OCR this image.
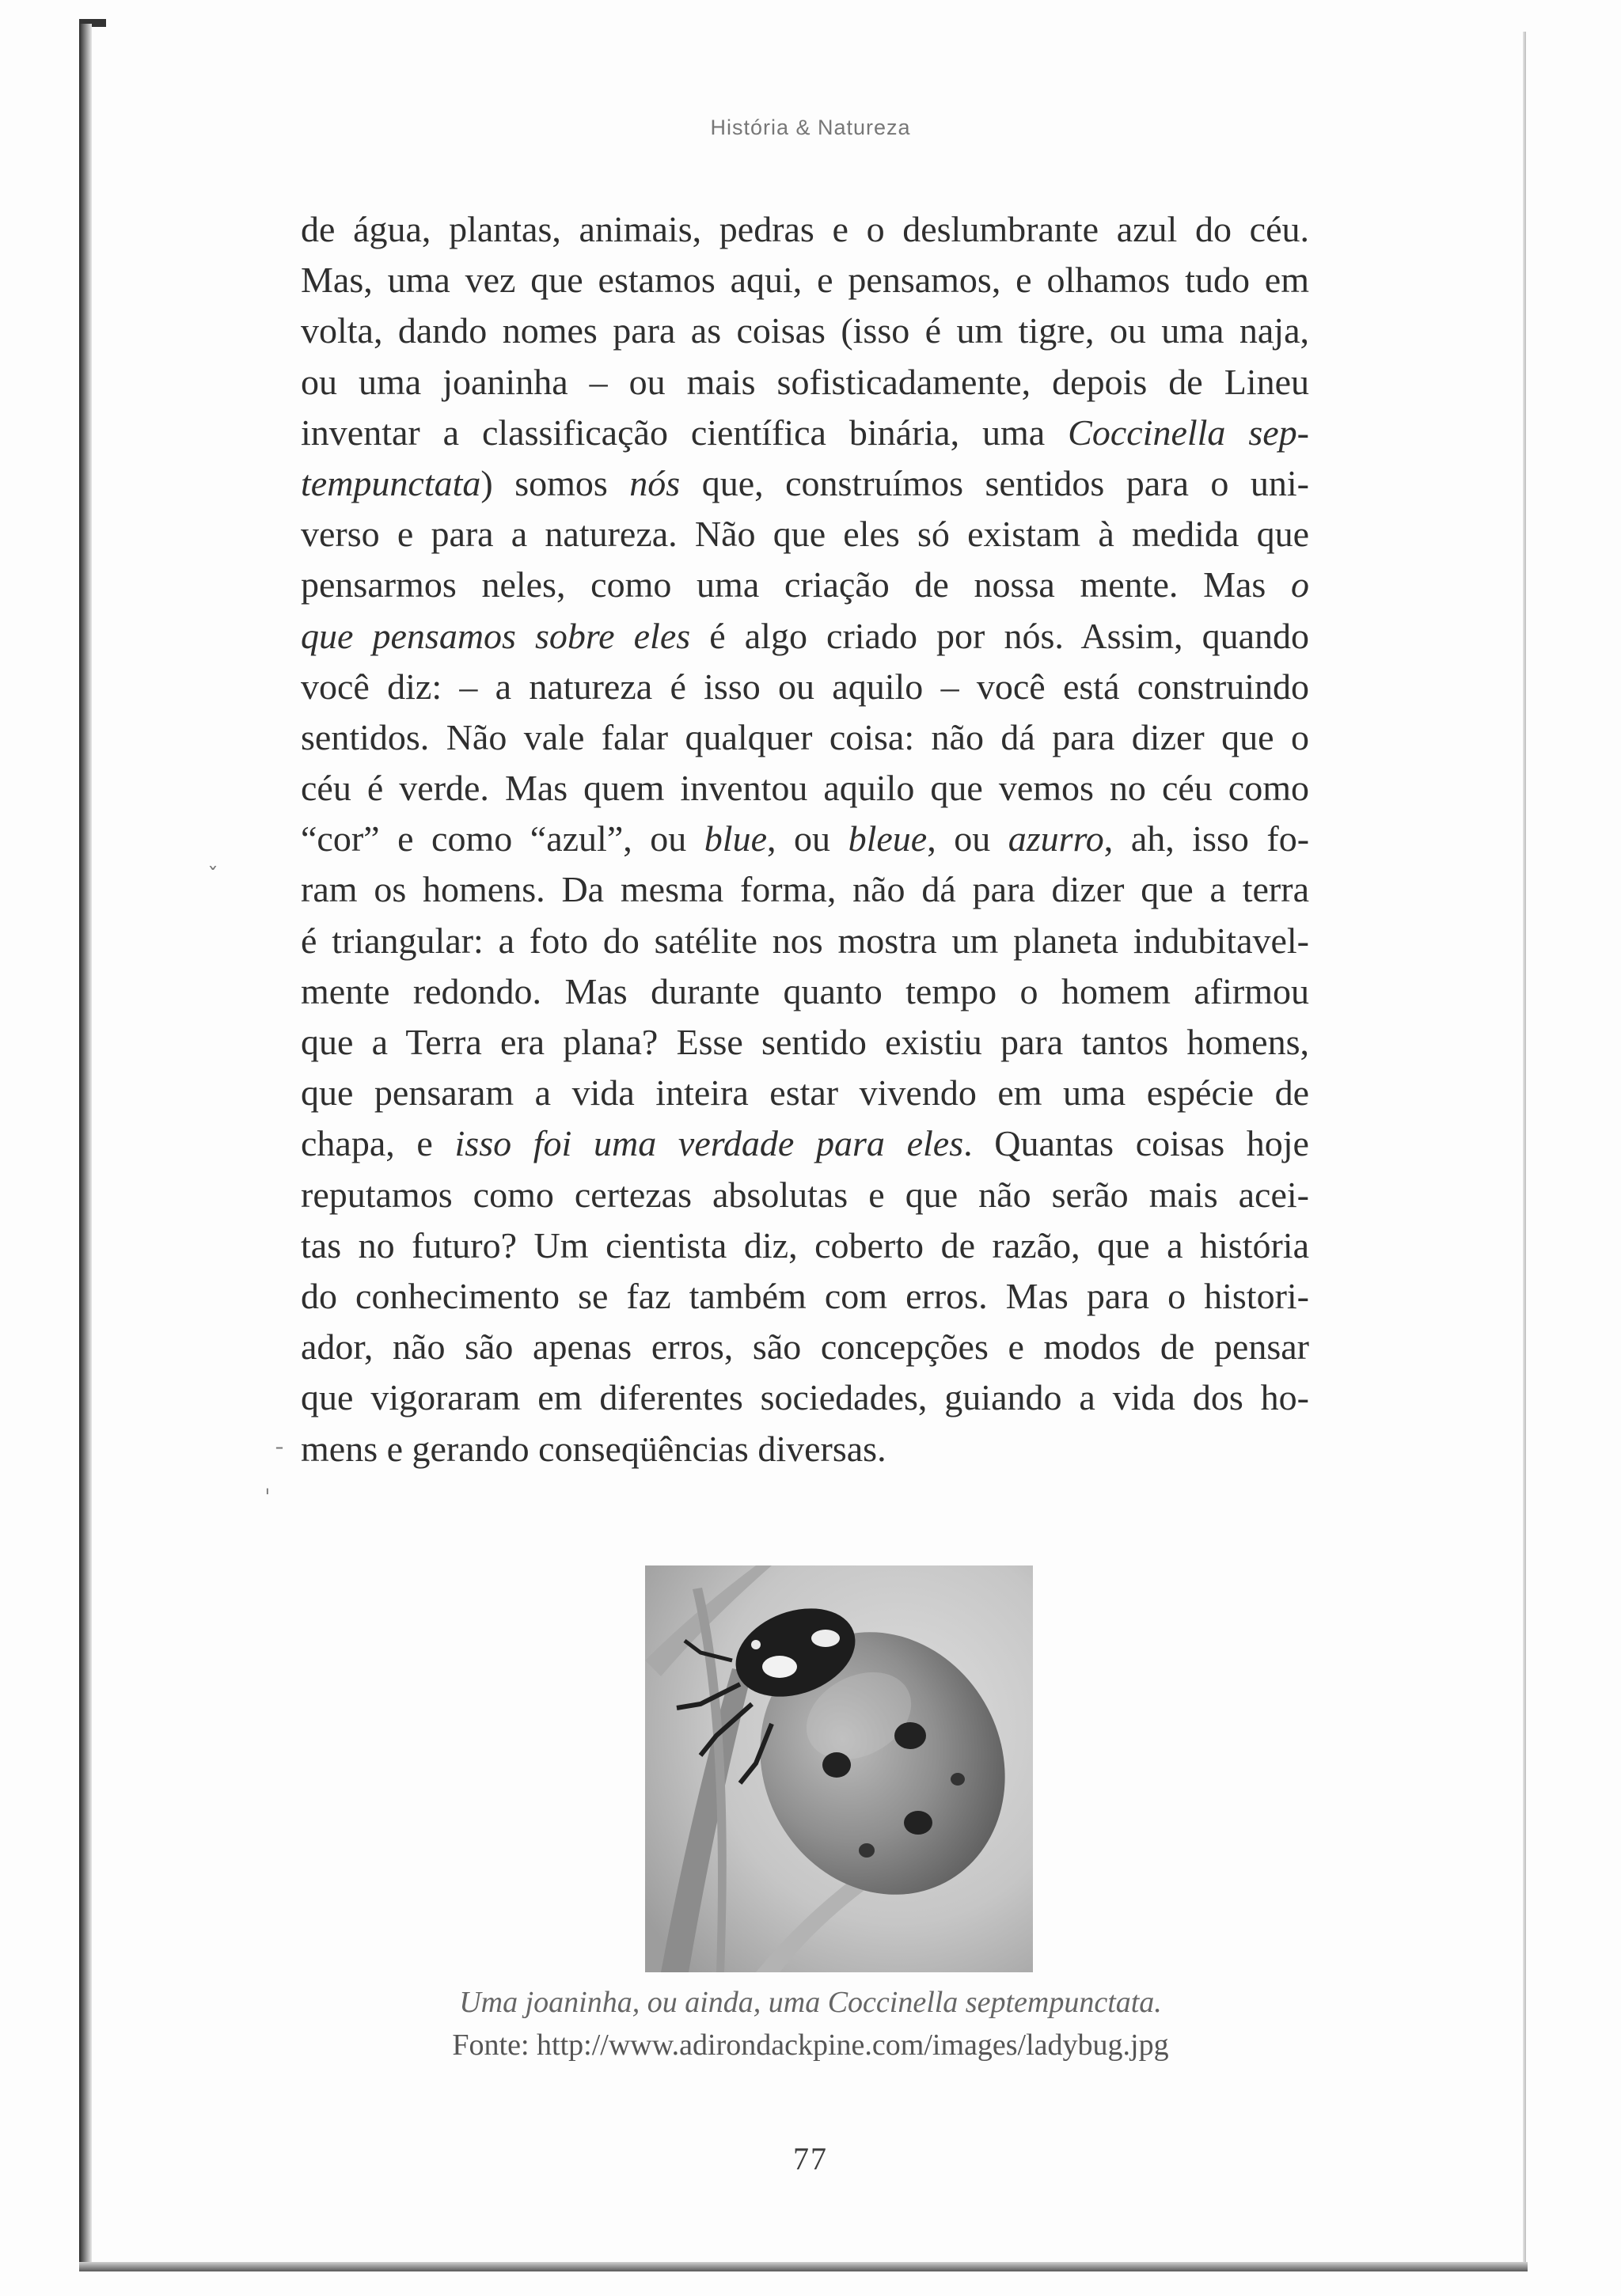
História & Natureza
de água, plantas, animais, pedras e o deslumbrante azul do céu.
Mas, uma vez que estamos aqui, e pensamos, e olhamos tudo em
volta, dando nomes para as coisas (isso é um tigre, ou uma naja,
ou uma joaninha – ou mais sofisticadamente, depois de Lineu
inventar a classificação científica binária, uma Coccinella sep-
tempunctata) somos nós que, construímos sentidos para o uni-
verso e para a natureza. Não que eles só existam à medida que
pensarmos neles, como uma criação de nossa mente. Mas o
que pensamos sobre eles é algo criado por nós. Assim, quando
você diz: – a natureza é isso ou aquilo – você está construindo
sentidos. Não vale falar qualquer coisa: não dá para dizer que o
céu é verde. Mas quem inventou aquilo que vemos no céu como
“cor” e como “azul”, ou blue, ou bleue, ou azurro, ah, isso fo-
ram os homens. Da mesma forma, não dá para dizer que a terra
é triangular: a foto do satélite nos mostra um planeta indubitavel-
mente redondo. Mas durante quanto tempo o homem afirmou
que a Terra era plana? Esse sentido existiu para tantos homens,
que pensaram a vida inteira estar vivendo em uma espécie de
chapa, e isso foi uma verdade para eles. Quantas coisas hoje
reputamos como certezas absolutas e que não serão mais acei-
tas no futuro? Um cientista diz, coberto de razão, que a história
do conhecimento se faz também com erros. Mas para o histori-
ador, não são apenas erros, são concepções e modos de pensar
que vigoraram em diferentes sociedades, guiando a vida dos ho-
mens e gerando conseqüências diversas.
ˇ
ˍ
ˌ
Uma joaninha, ou ainda, uma Coccinella septempunctata.
Fonte: http://www.adirondackpine.com/images/ladybug.jpg
77
